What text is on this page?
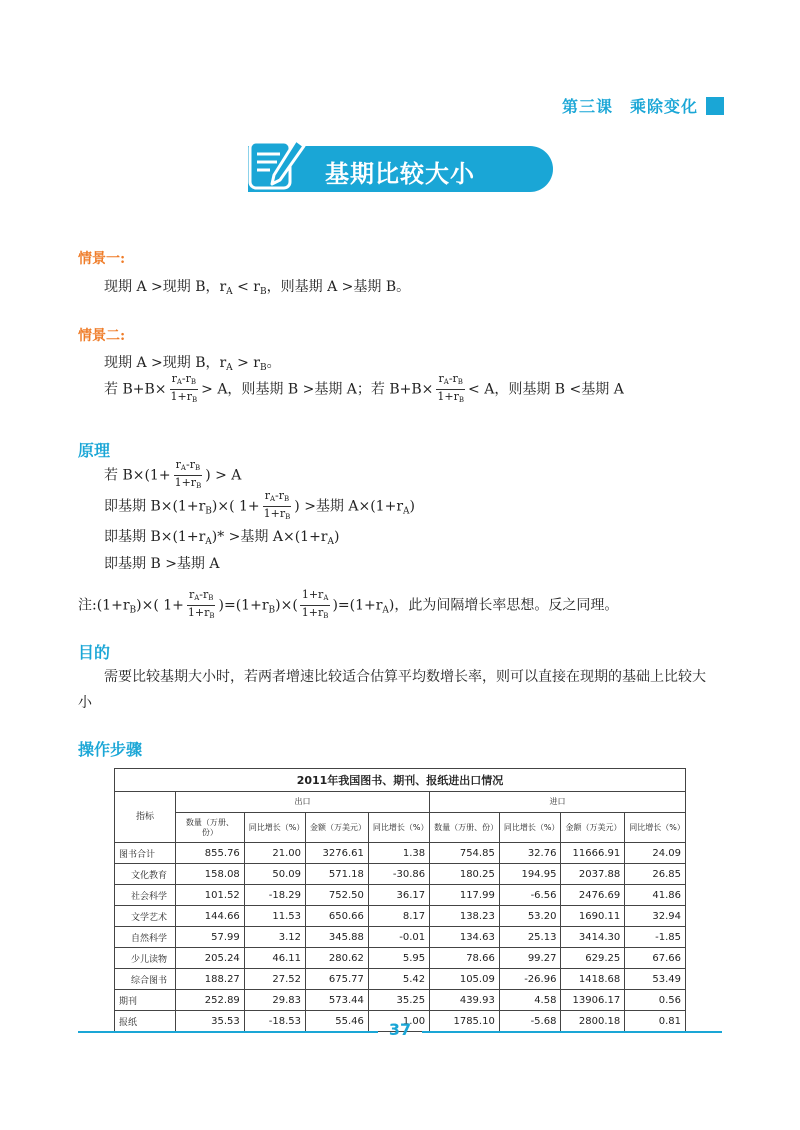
第三课　乘除变化
基期比较大小
情景一:
现期 A >现期 B，$r_A < r_B$，则基期 A >基期 B。
情景二:
现期 A >现期 B，$r_A > r_B$。
若 $B+B\times \frac{r_A-r_B}{1+r_B} > A$，则基期 B >基期 A；若 $B+B\times \frac{r_A-r_B}{1+r_B} < A$，则基期 B <基期 A
原理
若 $B\times(1+ \frac{r_A-r_B}{1+r_B}$ ) > A
即基期 $B\times(1+r_B)\times$( $1+ \frac{r_A-r_B}{1+r_B}$ ) >基期 $A\times(1+r_A)$
即基期 $B\times(1+r_A)*$ >基期 $A\times(1+r_A)$
即基期 B >基期 A
注$:(1+r_B)\times$( $1+ \frac{r_A-r_B}{1+r_B} )=(1+r_B)\times( \frac{1+r_A}{1+r_B} )=(1+r_A)$，此为间隔增长率思想。反之同理。
目的
需要比较基期大小时，若两者增速比较适合估算平均数增长率，则可以直接在现期的基础上比较大
小
操作步骤
2011年我国图书、期刊、报纸进出口情况								
指标	出口				进口			
	数量（万册、份）	同比增长（%）	金额（万美元）	同比增长（%）	数量（万册、份）	同比增长（%）	金额（万美元）	同比增长（%）
图书合计	855.76	21.00	3276.61	1.38	754.85	32.76	11666.91	24.09
文化教育	158.08	50.09	571.18	-30.86	180.25	194.95	2037.88	26.85
社会科学	101.52	-18.29	752.50	36.17	117.99	-6.56	2476.69	41.86
文学艺术	144.66	11.53	650.66	8.17	138.23	53.20	1690.11	32.94
自然科学	57.99	3.12	345.88	-0.01	134.63	25.13	3414.30	-1.85
少儿读物	205.24	46.11	280.62	5.95	78.66	99.27	629.25	67.66
综合图书	188.27	27.52	675.77	5.42	105.09	-26.96	1418.68	53.49
期刊	252.89	29.83	573.44	35.25	439.93	4.58	13906.17	0.56
报纸	35.53	-18.53	55.46	1.00	1785.10	-5.68	2800.18	0.81
37
